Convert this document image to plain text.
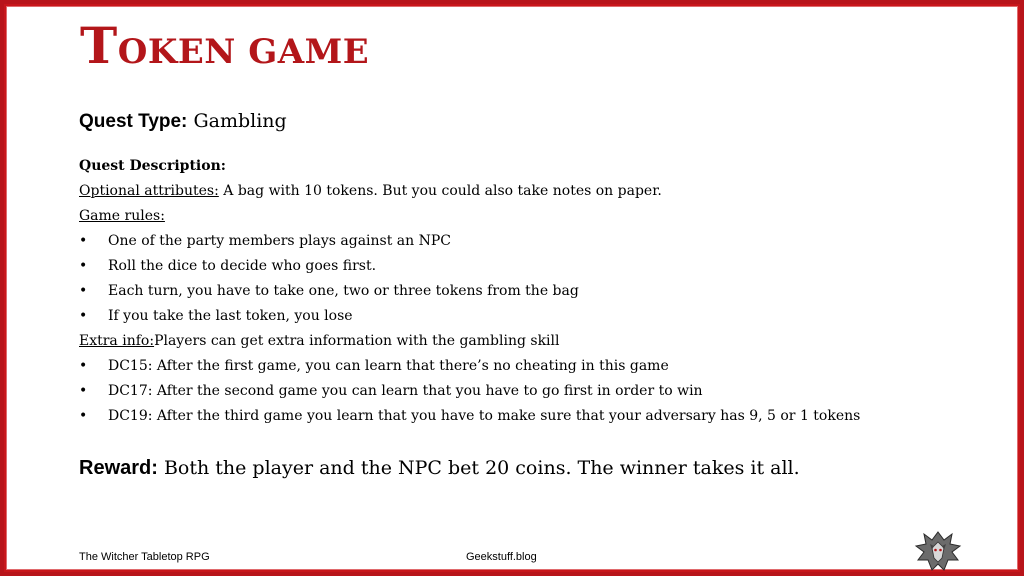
TOKEN GAME
Quest Type: Gambling
Quest Description:
Optional attributes: A bag with 10 tokens. But you could also take notes on paper.
Game rules:
• One of the party members plays against an NPC
• Roll the dice to decide who goes first.
• Each turn, you have to take one, two or three tokens from the bag
• If you take the last token, you lose
Extra info:Players can get extra information with the gambling skill
• DC15: After the first game, you can learn that there’s no cheating in this game
• DC17: After the second game you can learn that you have to go first in order to win
• DC19: After the third game you learn that you have to make sure that your adversary has 9, 5 or 1 tokens
Reward: Both the player and the NPC bet 20 coins. The winner takes it all.
The Witcher Tabletop RPG	Geekstuff.blog
